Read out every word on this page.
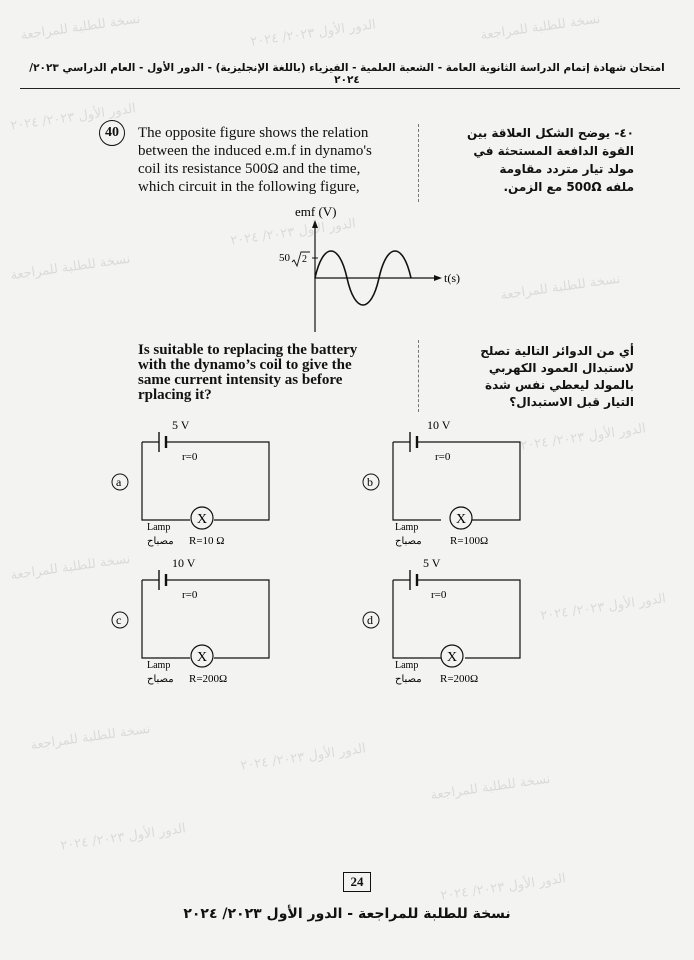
نسخة للطلبة للمراجعة	الدور الأول ٢٠٢٣/ ٢٠٢٤	نسخة للطلبة للمراجعة
الدور الأول ٢٠٢٣/ ٢٠٢٤
نسخة للطلبة للمراجعة
الدور الأول ٢٠٢٣/ ٢٠٢٤
نسخة للطلبة للمراجعة
الدور الأول ٢٠٢٣/ ٢٠٢٤
نسخة للطلبة للمراجعة
الدور الأول ٢٠٢٣/ ٢٠٢٤
نسخة للطلبة للمراجعة
الدور الأول ٢٠٢٣/ ٢٠٢٤
نسخة للطلبة للمراجعة
الدور الأول ٢٠٢٣/ ٢٠٢٤
الدور الأول ٢٠٢٣/ ٢٠٢٤
امتحان شهادة إتمام الدراسة الثانوية العامة - الشعبة العلمية - الفيزياء (باللغة الإنجليزية) - الدور الأول - العام الدراسي ٢٠٢٣/ ٢٠٢٤
40	The opposite figure shows the relation
between the induced e.m.f in dynamo's
coil its resistance 500Ω and the time,
which circuit in the following figure,
٤٠- يوضح الشكل العلاقة بين
القوة الدافعة المستحثة في
مولد تيار متردد مقاومة
ملفه 500Ω مع الزمن.
emf (V)
t(s)
50 2
Is suitable to replacing the battery
with the dynamo’s coil to give the
same current intensity as before
rplacing it?
أي من الدوائر التالية تصلح
لاستبدال العمود الكهربي
بالمولد ليعطي نفس شدة
التيار قبل الاستبدال؟
5 V
r=0
a
X
Lamp
مصباح R=10 Ω
10 V
r=0
b
X
Lamp
مصباح	R=100Ω
10 V
r=0
c
X
Lamp
مصباح R=200Ω
5 V
r=0
d
X
Lamp
مصباح R=200Ω
24
نسخة للطلبة للمراجعة - الدور الأول ٢٠٢٣/ ٢٠٢٤
